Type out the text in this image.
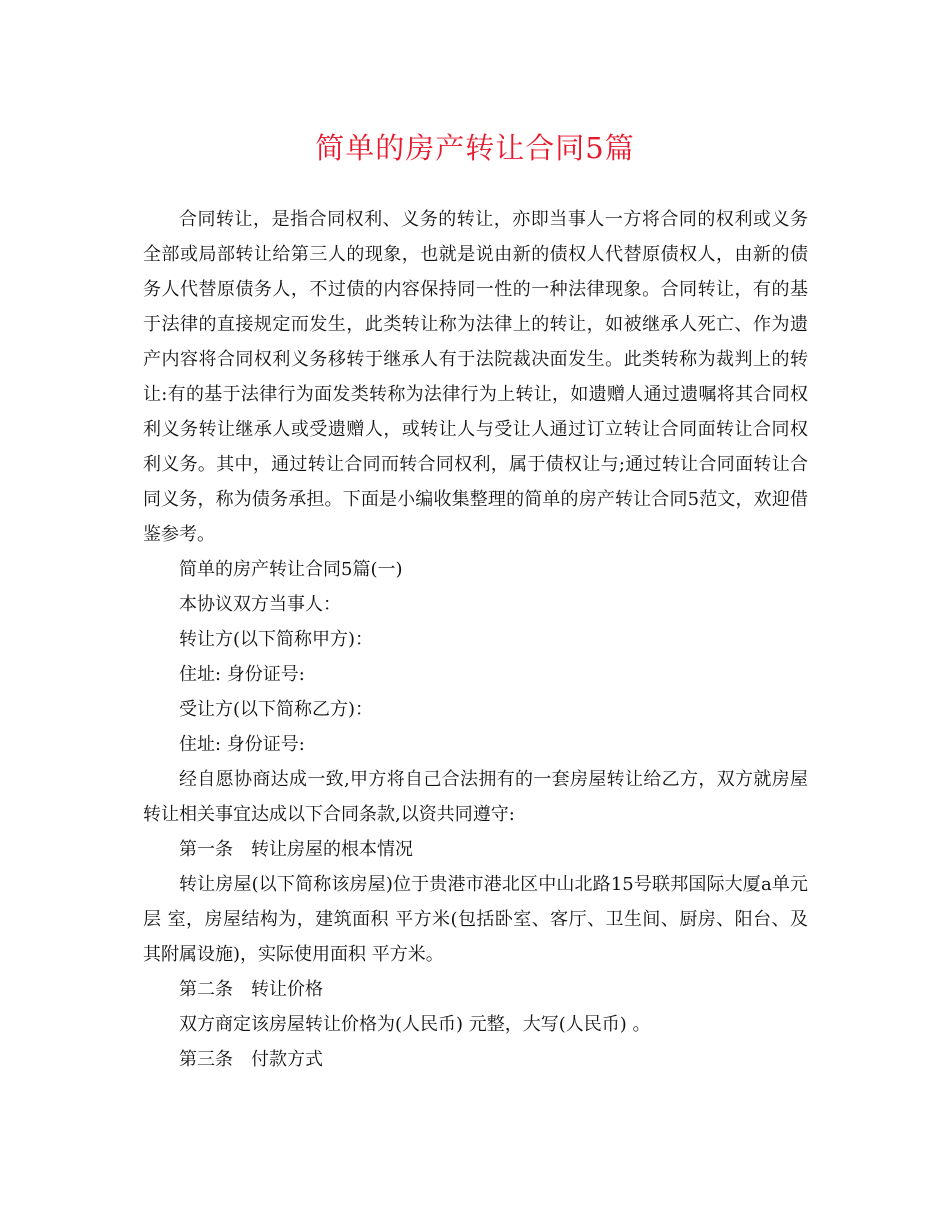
简单的房产转让合同5篇

合同转让，是指合同权利、义务的转让，亦即当事人一方将合同的权利或义务全部或局部转让给第三人的现象，也就是说由新的债权人代替原债权人，由新的债务人代替原债务人，不过债的内容保持同一性的一种法律现象。合同转让，有的基于法律的直接规定而发生，此类转让称为法律上的转让，如被继承人死亡、作为遗产内容将合同权利义务移转于继承人有于法院裁决面发生。此类转称为裁判上的转让:有的基于法律行为面发类转称为法律行为上转让，如遗赠人通过遗嘱将其合同权利义务转让继承人或受遗赠人，或转让人与受让人通过订立转让合同面转让合同权利义务。其中，通过转让合同而转合同权利，属于债权让与;通过转让合同面转让合同义务，称为债务承担。下面是小编收集整理的简单的房产转让合同5范文，欢迎借鉴参考。

简单的房产转让合同5篇(一)

本协议双方当事人：

转让方(以下简称甲方)：

住址: 身份证号:

受让方(以下简称乙方)：

住址: 身份证号:

经自愿协商达成一致,甲方将自己合法拥有的一套房屋转让给乙方，双方就房屋转让相关事宜达成以下合同条款,以资共同遵守:

第一条 转让房屋的根本情况

转让房屋(以下简称该房屋)位于贵港市港北区中山北路15号联邦国际大厦a单元 层 室，房屋结构为，建筑面积 平方米(包括卧室、客厅、卫生间、厨房、阳台、及其附属设施)，实际使用面积 平方米。

第二条 转让价格

双方商定该房屋转让价格为(人民币) 元整，大写(人民币) 。

第三条 付款方式
